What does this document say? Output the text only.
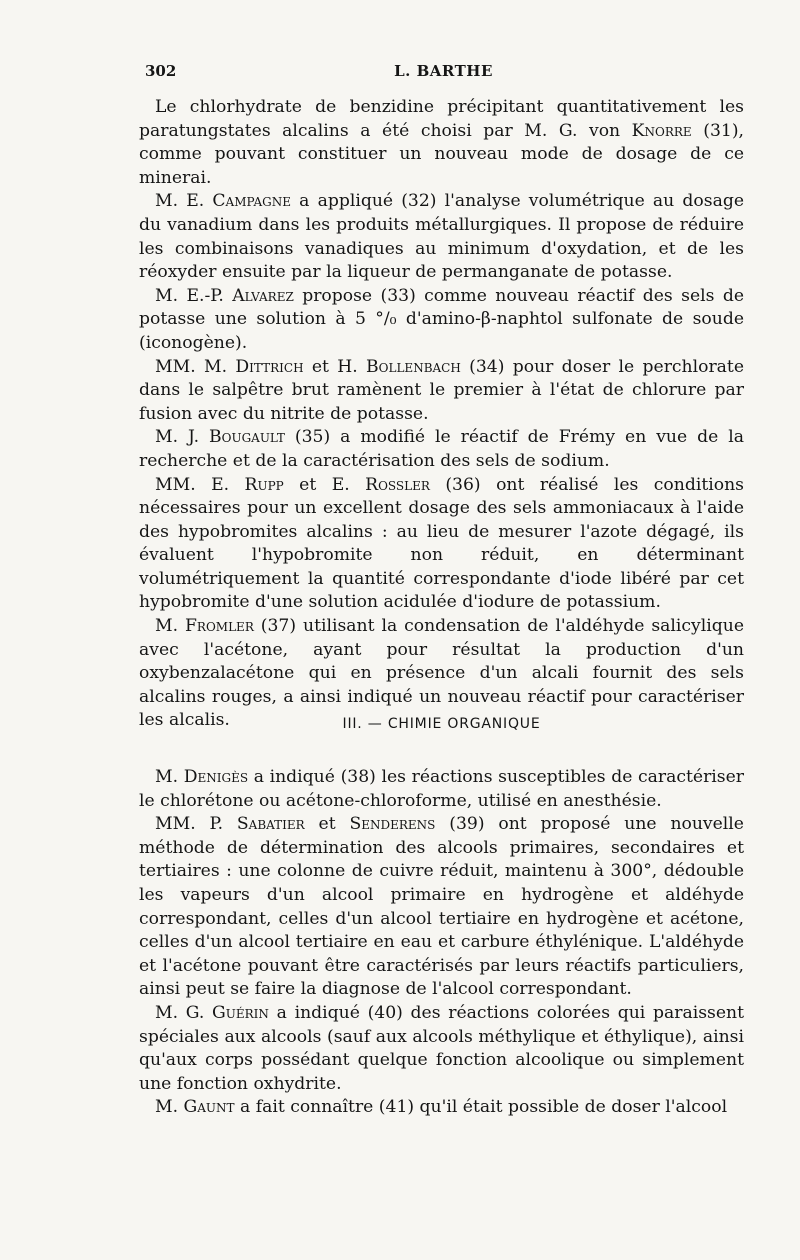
302	L. BARTHE

Le chlorhydrate de benzidine précipitant quantitativement les paratungstates alcalins a été choisi par M. G. von Knorre (31), comme pouvant constituer un nouveau mode de dosage de ce minerai.

M. E. Campagne a appliqué (32) l'analyse volumétrique au dosage du vanadium dans les produits métallurgiques. Il propose de réduire les combinaisons vanadiques au minimum d'oxydation, et de les réoxyder ensuite par la liqueur de permanganate de potasse.

M. E.-P. Alvarez propose (33) comme nouveau réactif des sels de potasse une solution à 5 °/₀ d'amino-β-naphtol sulfonate de soude (iconogène).

MM. M. Dittrich et H. Bollenbach (34) pour doser le perchlorate dans le salpêtre brut ramènent le premier à l'état de chlorure par fusion avec du nitrite de potasse.

M. J. Bougault (35) a modifié le réactif de Frémy en vue de la recherche et de la caractérisation des sels de sodium.

MM. E. Rupp et E. Rossler (36) ont réalisé les conditions nécessaires pour un excellent dosage des sels ammoniacaux à l'aide des hypobromites alcalins : au lieu de mesurer l'azote dégagé, ils évaluent l'hypobromite non réduit, en déterminant volumétriquement la quantité correspondante d'iode libéré par cet hypobromite d'une solution acidulée d'iodure de potassium.

M. Fromler (37) utilisant la condensation de l'aldéhyde salicylique avec l'acétone, ayant pour résultat la production d'un oxybenzalacétone qui en présence d'un alcali fournit des sels alcalins rouges, a ainsi indiqué un nouveau réactif pour caractériser les alcalis.	III. — CHIMIE ORGANIQUE

M. Denigès a indiqué (38) les réactions susceptibles de caractériser le chlorétone ou acétone-chloroforme, utilisé en anesthésie.

MM. P. Sabatier et Senderens (39) ont proposé une nouvelle méthode de détermination des alcools primaires, secondaires et tertiaires : une colonne de cuivre réduit, maintenu à 300°, dédouble les vapeurs d'un alcool primaire en hydrogène et aldéhyde correspondant, celles d'un alcool tertiaire en hydrogène et acétone, celles d'un alcool tertiaire en eau et carbure éthylénique. L'aldéhyde et l'acétone pouvant être caractérisés par leurs réactifs particuliers, ainsi peut se faire la diagnose de l'alcool correspondant.

M. G. Guérin a indiqué (40) des réactions colorées qui paraissent spéciales aux alcools (sauf aux alcools méthylique et éthylique), ainsi qu'aux corps possédant quelque fonction alcoolique ou simplement une fonction oxhydrite.

M. Gaunt a fait connaître (41) qu'il était possible de doser l'alcool
